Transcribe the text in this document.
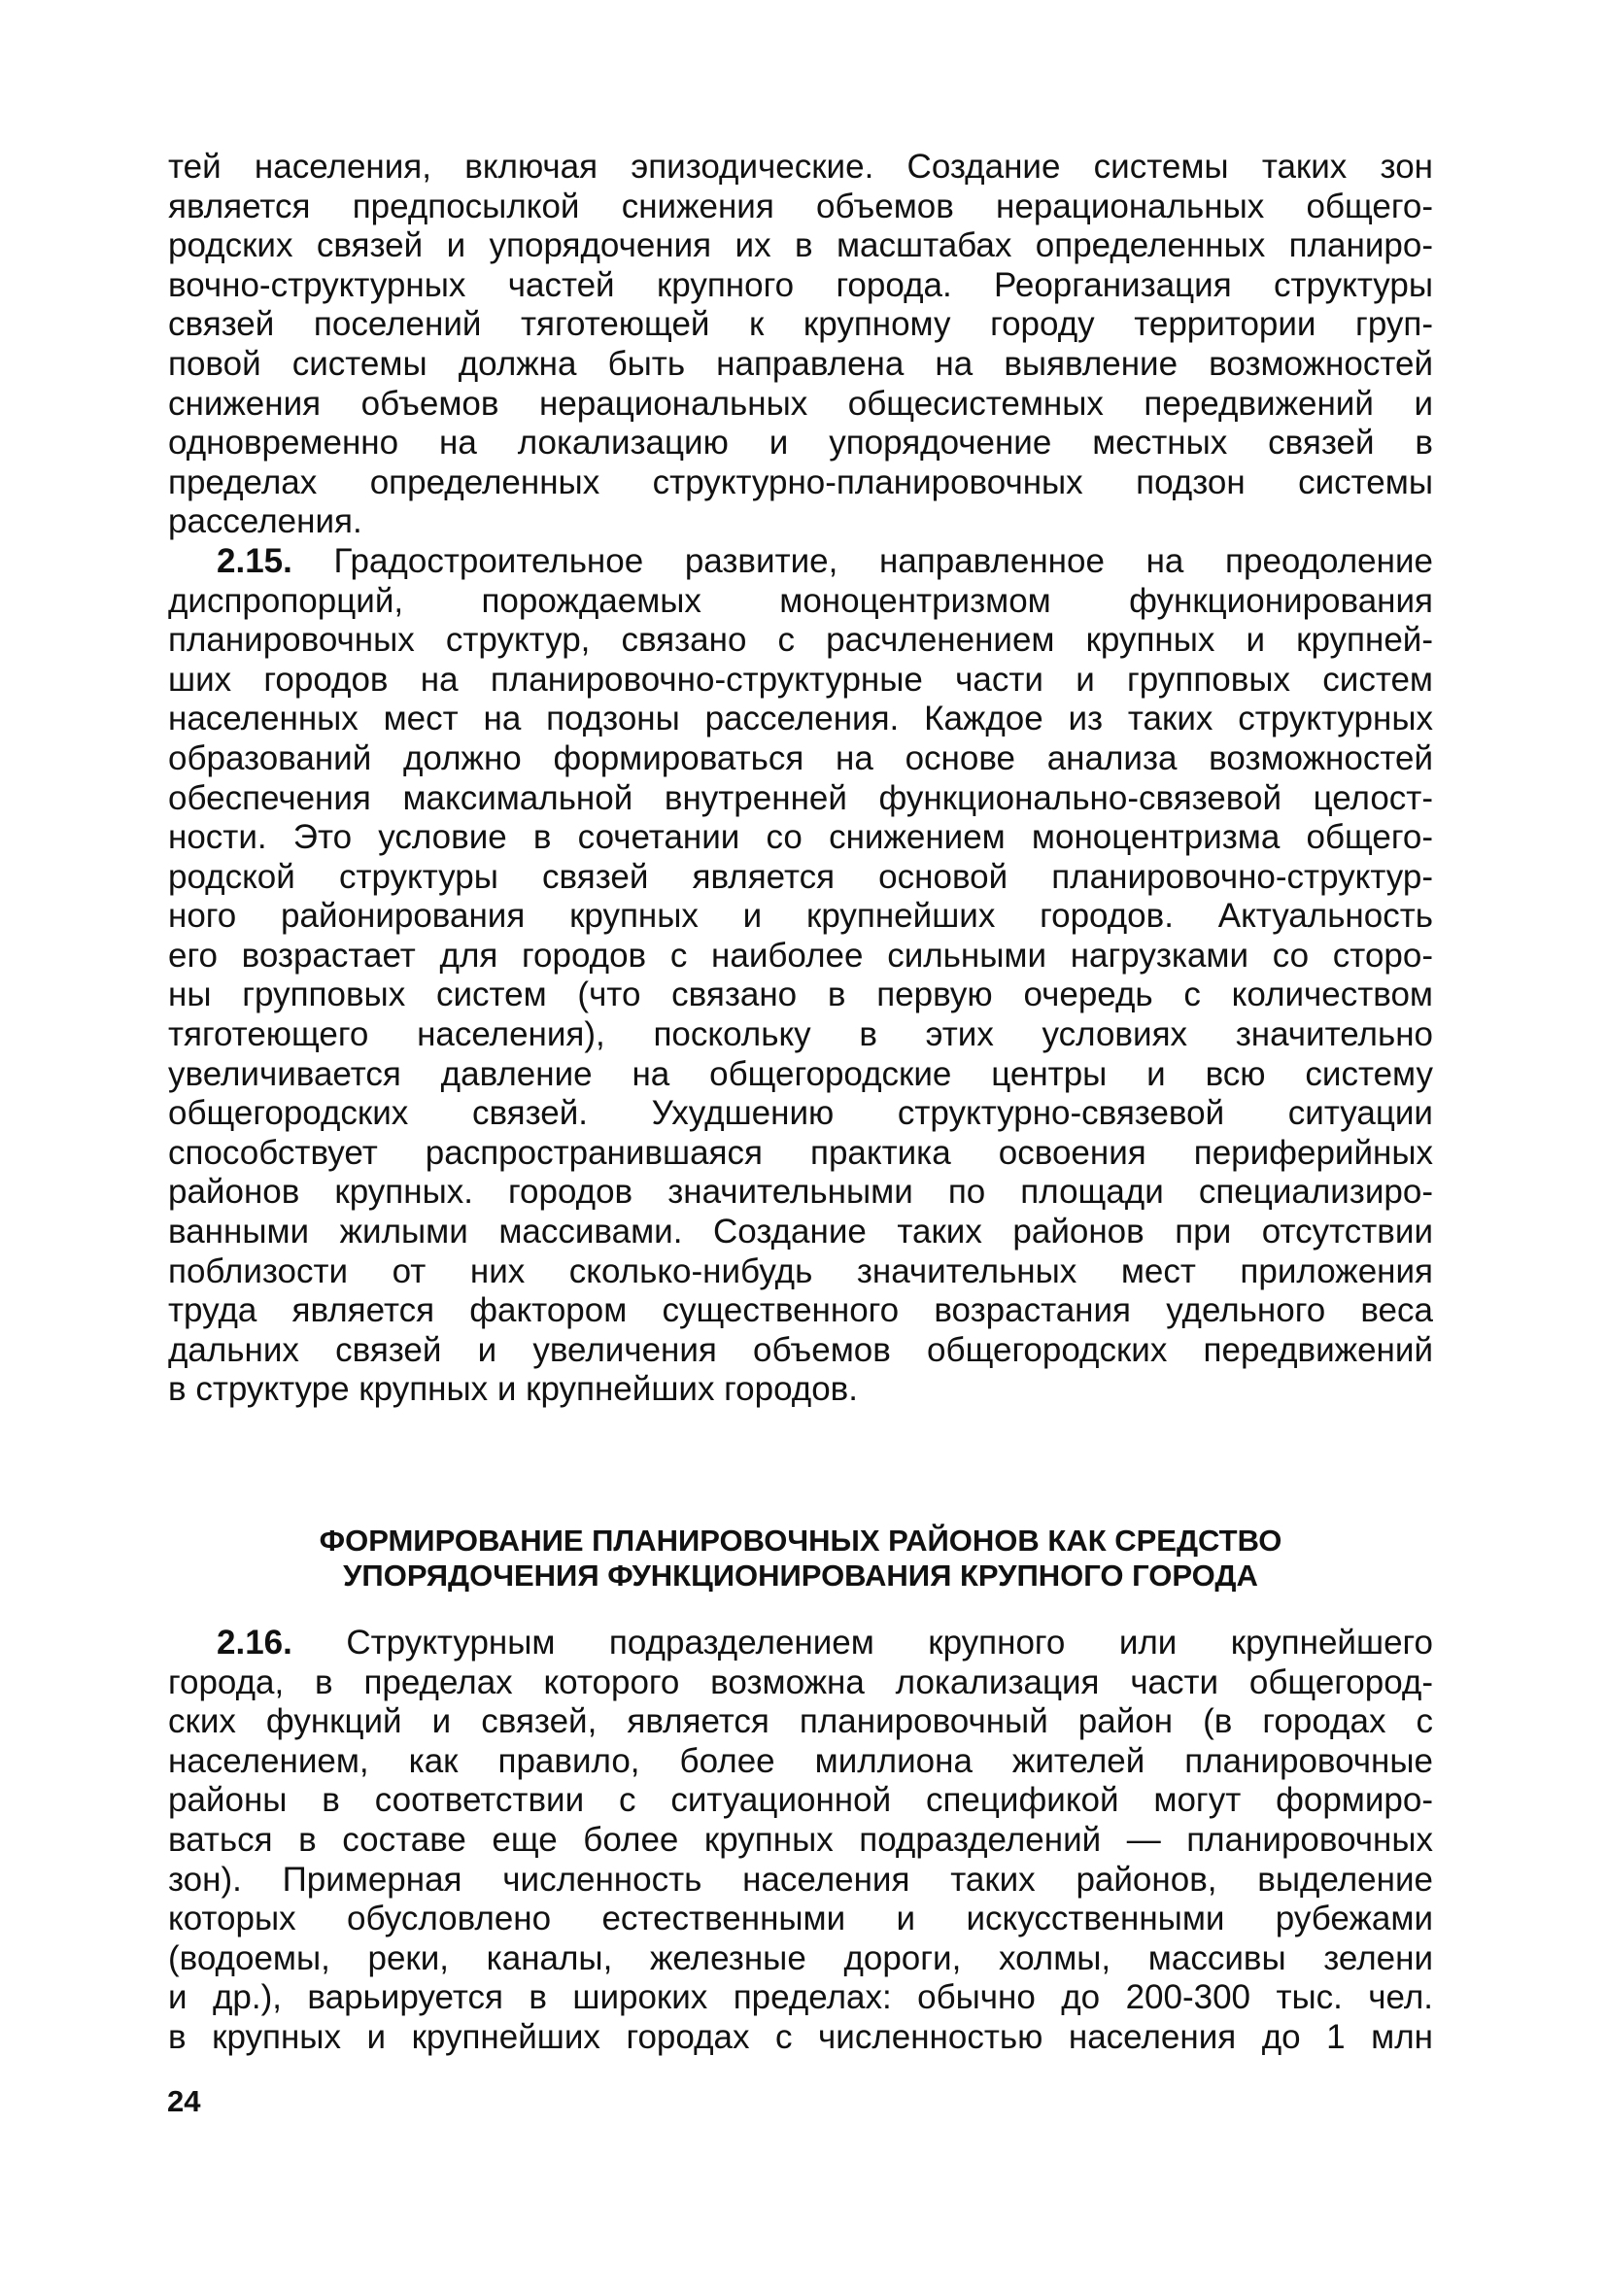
тей населения, включая эпизодические. Создание системы таких зон
является предпосылкой снижения объемов нерациональных общего-
родских связей и упорядочения их в масштабах определенных планиро-
вочно-структурных частей крупного города. Реорганизация структуры
связей поселений тяготеющей к крупному городу территории груп-
повой системы должна быть направлена на выявление возможностей
снижения объемов нерациональных общесистемных передвижений и
одновременно на локализацию и упорядочение местных связей в
пределах определенных структурно-планировочных подзон системы
расселения.
2.15. Градостроительное развитие, направленное на преодоление
диспропорций, порождаемых моноцентризмом функционирования
планировочных структур, связано с расчленением крупных и крупней-
ших городов на планировочно-структурные части и групповых систем
населенных мест на подзоны расселения. Каждое из таких структурных
образований должно формироваться на основе анализа возможностей
обеспечения максимальной внутренней функционально-связевой целост-
ности. Это условие в сочетании со снижением моноцентризма общего-
родской структуры связей является основой планировочно-структур-
ного районирования крупных и крупнейших городов. Актуальность
его возрастает для городов с наиболее сильными нагрузками со сторо-
ны групповых систем (что связано в первую очередь с количеством
тяготеющего населения), поскольку в этих условиях значительно
увеличивается давление на общегородские центры и всю систему
общегородских связей. Ухудшению структурно-связевой ситуации
способствует распространившаяся практика освоения периферийных
районов крупных. городов значительными по площади специализиро-
ванными жилыми массивами. Создание таких районов при отсутствии
поблизости от них сколько-нибудь значительных мест приложения
труда является фактором существенного возрастания удельного веса
дальних связей и увеличения объемов общегородских передвижений
в структуре крупных и крупнейших городов.
ФОРМИРОВАНИЕ ПЛАНИРОВОЧНЫХ РАЙОНОВ КАК СРЕДСТВО
УПОРЯДОЧЕНИЯ ФУНКЦИОНИРОВАНИЯ КРУПНОГО ГОРОДА
2.16. Структурным подразделением крупного или крупнейшего
города, в пределах которого возможна локализация части общегород-
ских функций и связей, является планировочный район (в городах с
населением, как правило, более миллиона жителей планировочные
районы в соответствии с ситуационной спецификой могут формиро-
ваться в составе еще более крупных подразделений — планировочных
зон). Примерная численность населения таких районов, выделение
которых обусловлено естественными и искусственными рубежами
(водоемы, реки, каналы, железные дороги, холмы, массивы зелени
и др.), варьируется в широких пределах: обычно до 200-300 тыс. чел.
в крупных и крупнейших городах с численностью населения до 1 млн
24
